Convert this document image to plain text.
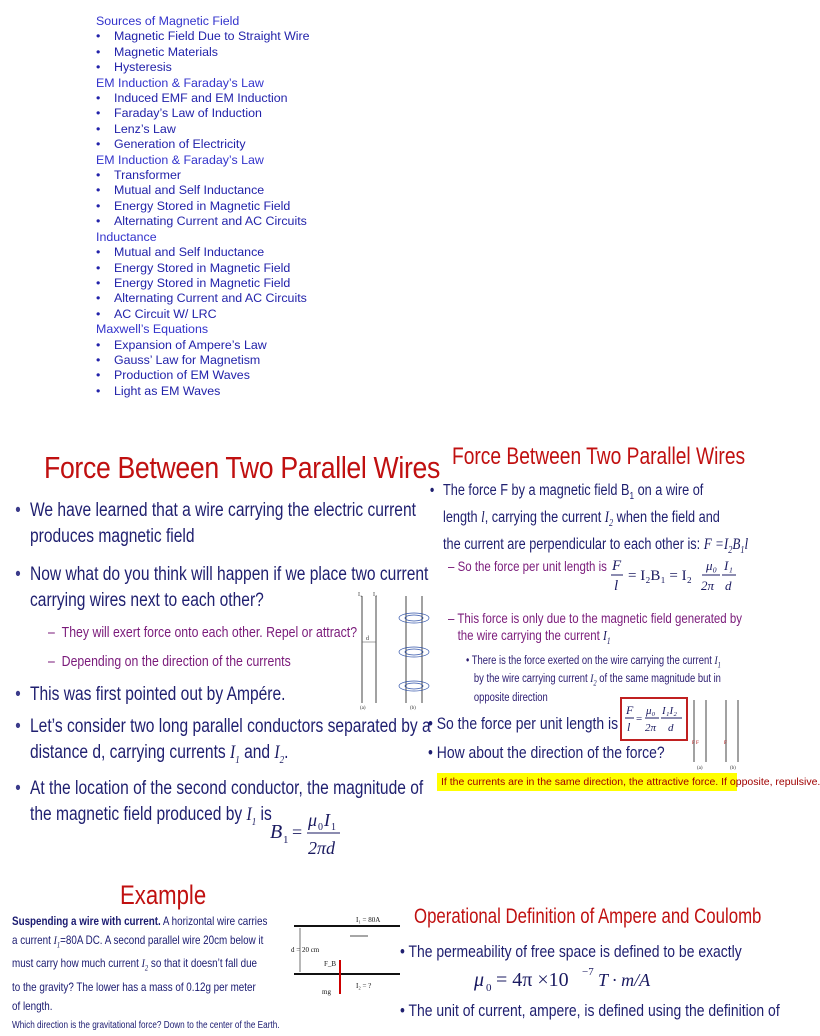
Sources of Magnetic Field
• Magnetic Field Due to Straight Wire
• Magnetic Materials
• Hysteresis
EM Induction & Faraday’s Law
• Induced EMF and EM Induction
• Faraday’s Law of Induction
• Lenz’s Law
• Generation of Electricity
EM Induction & Faraday’s Law
• Transformer
• Mutual and Self Inductance
• Energy Stored in Magnetic Field
• Alternating Current and AC Circuits
Inductance
• Mutual and Self Inductance
• Energy Stored in Magnetic Field
• Energy Stored in Magnetic Field
• Alternating Current and AC Circuits
• AC Circuit W/ LRC
Maxwell’s Equations
• Expansion of Ampere’s Law
• Gauss’ Law for Magnetism
• Production of EM Waves
• Light as EM Waves
Force Between Two Parallel Wires
• We have learned that a wire carrying the electric current
produces magnetic field
• Now what do you think will happen if we place two current
carrying wires next to each other?
– They will exert force onto each other. Repel or attract?
– Depending on the direction of the currents
• This was first pointed out by Ampére.
• Let’s consider two long parallel conductors separated by a
distance d, carrying currents $I_1$ and $I_2$.
• At the location of the second conductor, the magnitude of
the magnetic field produced by $I_1$ is
B 1 =
μ 0 I 1
2πd
I₁ I₂
d
(a)	(b)
Force Between Two Parallel Wires
• The force F by a magnetic field $B_1$ on a wire of
length l, carrying the current $I_2$ when the field and
the current are perpendicular to each other is: $F =I_2B_1l$
– So the force per unit length is F
l
= I₂B₁ = I₂
μ₀
2π
I₁
d
– This force is only due to the magnetic field generated by
the wire carrying the current $I_1$
• There is the force exerted on the wire carrying the current $I_1$
by the wire carrying current $I_2$ of the same magnitude but in
opposite direction
• So the force per unit length is
F
l
=
μ₀
2π
I₁I₂
d
F F	F
(a)	(b)
• How about the direction of the force?
If the currents are in the same direction, the attractive force. If opposite, repulsive.
Example
Suspending a wire with current. A horizontal wire carries
a current $I_1=80A$ DC. A second parallel wire 20cm below it
must carry how much current $I_2$ so that it doesn’t fall due
to the gravity? The lower has a mass of 0.12g per meter
of length.
Which direction is the gravitational force? Down to the center of the Earth.
I₁ = 80A
d = 20 cm
F_B
mg
I₂ = ?
Operational Definition of Ampere and Coulomb
• The permeability of free space is defined to be exactly
μ 0 = 4π ×10 −7 T · m/A
• The unit of current, ampere, is defined using the definition of
